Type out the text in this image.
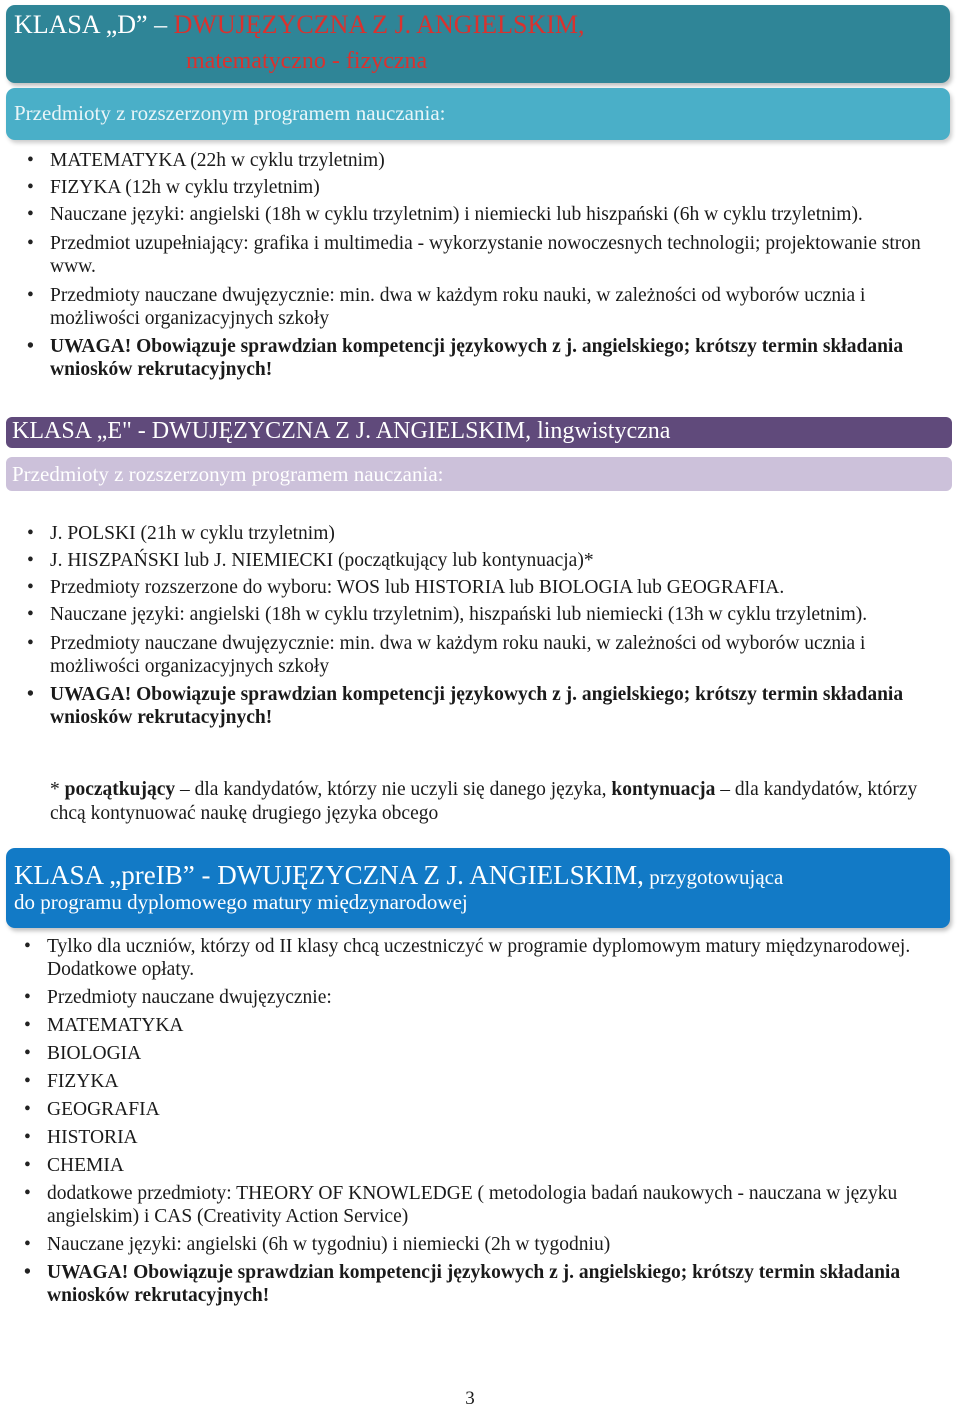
KLASA „D” – DWUJĘZYCZNA Z J. ANGIELSKIM,
matematyczno - fizyczna
Przedmioty z rozszerzonym programem nauczania:
• MATEMATYKA (22h w cyklu trzyletnim)
• FIZYKA (12h w cyklu trzyletnim)
• Nauczane języki: angielski (18h w cyklu trzyletnim) i niemiecki lub hiszpański (6h w cyklu trzyletnim).
• Przedmiot uzupełniający: grafika i multimedia - wykorzystanie nowoczesnych technologii; projektowanie stron www.
• Przedmioty nauczane dwujęzycznie: min. dwa w każdym roku nauki, w zależności od wyborów ucznia i możliwości organizacyjnych szkoły
• UWAGA! Obowiązuje sprawdzian kompetencji językowych z j. angielskiego; krótszy termin składania wniosków rekrutacyjnych!
KLASA „E" - DWUJĘZYCZNA Z J. ANGIELSKIM, lingwistyczna
Przedmioty z rozszerzonym programem nauczania:
• J. POLSKI (21h w cyklu trzyletnim)
• J. HISZPAŃSKI lub J. NIEMIECKI (początkujący lub kontynuacja)*
• Przedmioty rozszerzone do wyboru: WOS lub HISTORIA lub BIOLOGIA lub GEOGRAFIA.
• Nauczane języki: angielski (18h w cyklu trzyletnim), hiszpański lub niemiecki (13h w cyklu trzyletnim).
• Przedmioty nauczane dwujęzycznie: min. dwa w każdym roku nauki, w zależności od wyborów ucznia i możliwości organizacyjnych szkoły
• UWAGA! Obowiązuje sprawdzian kompetencji językowych z j. angielskiego; krótszy termin składania wniosków rekrutacyjnych!
* początkujący – dla kandydatów, którzy nie uczyli się danego języka, kontynuacja – dla kandydatów, którzy chcą kontynuować naukę drugiego języka obcego
KLASA „preIB” - DWUJĘZYCZNA Z J. ANGIELSKIM, przygotowująca
do programu dyplomowego matury międzynarodowej
• Tylko dla uczniów, którzy od II klasy chcą uczestniczyć w programie dyplomowym matury międzynarodowej. Dodatkowe opłaty.
• Przedmioty nauczane dwujęzycznie:
• MATEMATYKA
• BIOLOGIA
• FIZYKA
• GEOGRAFIA
• HISTORIA
• CHEMIA
• dodatkowe przedmioty: THEORY OF KNOWLEDGE ( metodologia badań naukowych - nauczana w języku angielskim) i CAS (Creativity Action Service)
• Nauczane języki: angielski (6h w tygodniu) i niemiecki (2h w tygodniu)
• UWAGA! Obowiązuje sprawdzian kompetencji językowych z j. angielskiego; krótszy termin składania wniosków rekrutacyjnych!
3
